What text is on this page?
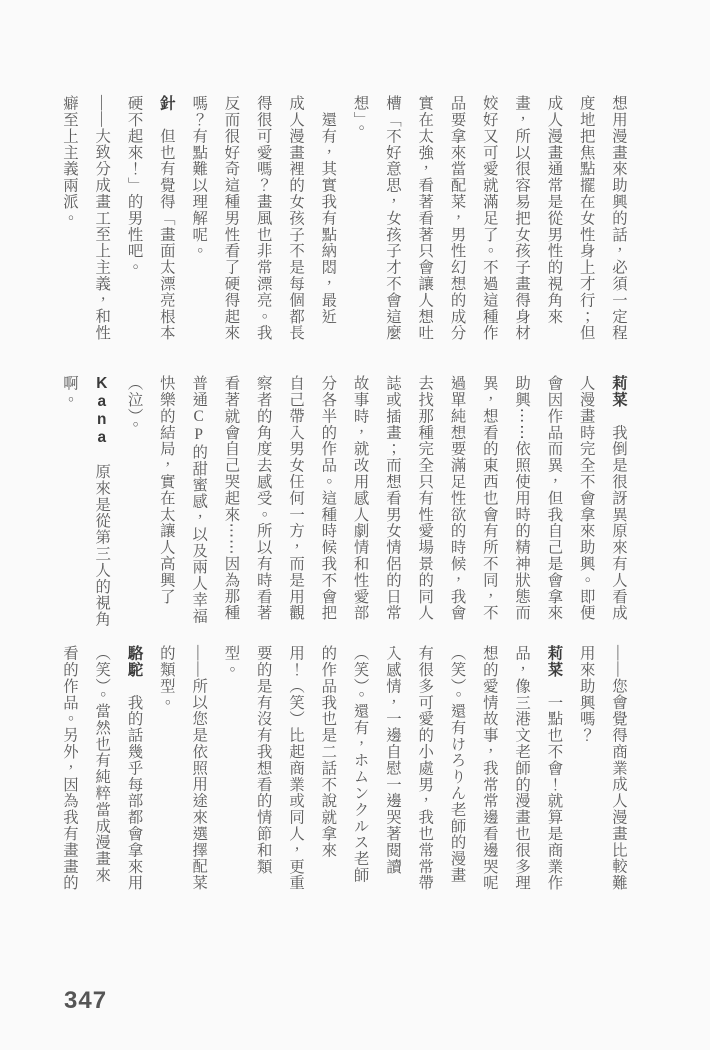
想用漫畫來助興的話，必須一定程
度地把焦點擺在女性身上才行；但
成人漫畫通常是從男性的視角來
畫，所以很容易把女孩子畫得身材
姣好又可愛就滿足了。不過這種作
品要拿來當配菜，男性幻想的成分
實在太強，看著看著只會讓人想吐
槽「不好意思，女孩子才不會這麼
想」。
　還有，其實我有點納悶，最近
成人漫畫裡的女孩子不是每個都長
得很可愛嗎？畫風也非常漂亮。我
反而很好奇這種男性看了硬得起來
嗎？有點難以理解呢。
針　但也有覺得「畫面太漂亮根本
硬不起來！」的男性吧。
——大致分成畫工至上主義，和性
癖至上主義兩派。
莉菜　我倒是很訝異原來有人看成
人漫畫時完全不會拿來助興。即便
會因作品而異，但我自己是會拿來
助興⋯⋯依照使用時的精神狀態而
異，想看的東西也會有所不同，不
過單純想要滿足性欲的時候，我會
去找那種完全只有性愛場景的同人
誌或插畫；而想看男女情侶的日常
故事時，就改用感人劇情和性愛部
分各半的作品。這種時候我不會把
自己帶入男女任何一方，而是用觀
察者的角度去感受。所以有時看著
看著就會自己哭起來⋯⋯因為那種
普通CP的甜蜜感，以及兩人幸福
快樂的結局，實在太讓人高興了
（泣）。
Kana　原來是從第三人的視角
啊。
——您會覺得商業成人漫畫比較難
用來助興嗎？
莉菜　一點也不會！就算是商業作
品，像三港文老師的漫畫也很多理
想的愛情故事，我常常邊看邊哭呢
（笑）。還有けろりん老師的漫畫
有很多可愛的小處男，我也常常帶
入感情，一邊自慰一邊哭著閱讀
（笑）。還有，ホムンクルス老師
的作品我也是二話不說就拿來
用！（笑）比起商業或同人，更重
要的是有沒有我想看的情節和類
型。
——所以您是依照用途來選擇配菜
的類型。
駱駝　我的話幾乎每部都會拿來用
（笑）。當然也有純粹當成漫畫來
看的作品。另外，因為我有畫畫的
347
